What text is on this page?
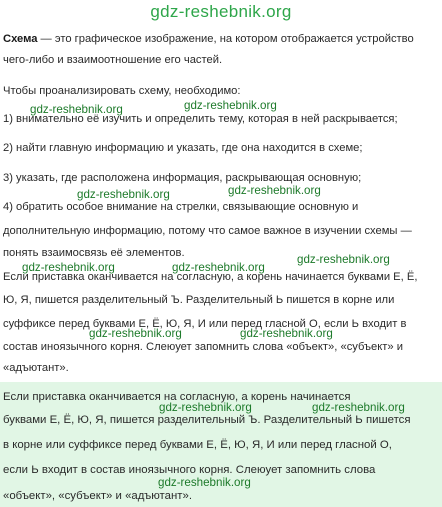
gdz-reshebnik.org
Схема — это графическое изображение, на котором отображается устройство
чего-либо и взаимоотношение его частей.
Чтобы проанализировать схему, необходимо:
1) внимательно её изучить и определить тему, которая в ней раскрывается;
2) найти главную информацию и указать, где она находится в схеме;
3) указать, где расположена информация, раскрывающая основную;
4) обратить особое внимание на стрелки, связывающие основную и
дополнительную информацию, потому что самое важное в изучении схемы —
понять взаимосвязь её элементов.
Если приставка оканчивается на согласную, а корень начинается буквами Е, Ё,
Ю, Я, пишется разделительный Ъ. Разделительный Ь пишется в корне или
суффиксе перед буквами Е, Ё, Ю, Я, И или перед гласной О, если Ь входит в
состав иноязычного корня. Слеюует запомнить слова «объект», «субъект» и
«адъютант».
Если приставка оканчивается на согласную, а корень начинается
буквами Е, Ё, Ю, Я, пишется разделительный Ъ. Разделительный Ь пишется
в корне или суффиксе перед буквами Е, Ё, Ю, Я, И или перед гласной О,
если Ь входит в состав иноязычного корня. Слеюует запомнить слова
«объект», «субъект» и «адъютант».
gdz-reshebnik.org	gdz-reshebnik.org
gdz-reshebnik.org	gdz-reshebnik.org
gdz-reshebnik.org
gdz-reshebnik.org	gdz-reshebnik.org
gdz-reshebnik.org	gdz-reshebnik.org
gdz-reshebnik.org	gdz-reshebnik.org
gdz-reshebnik.org
